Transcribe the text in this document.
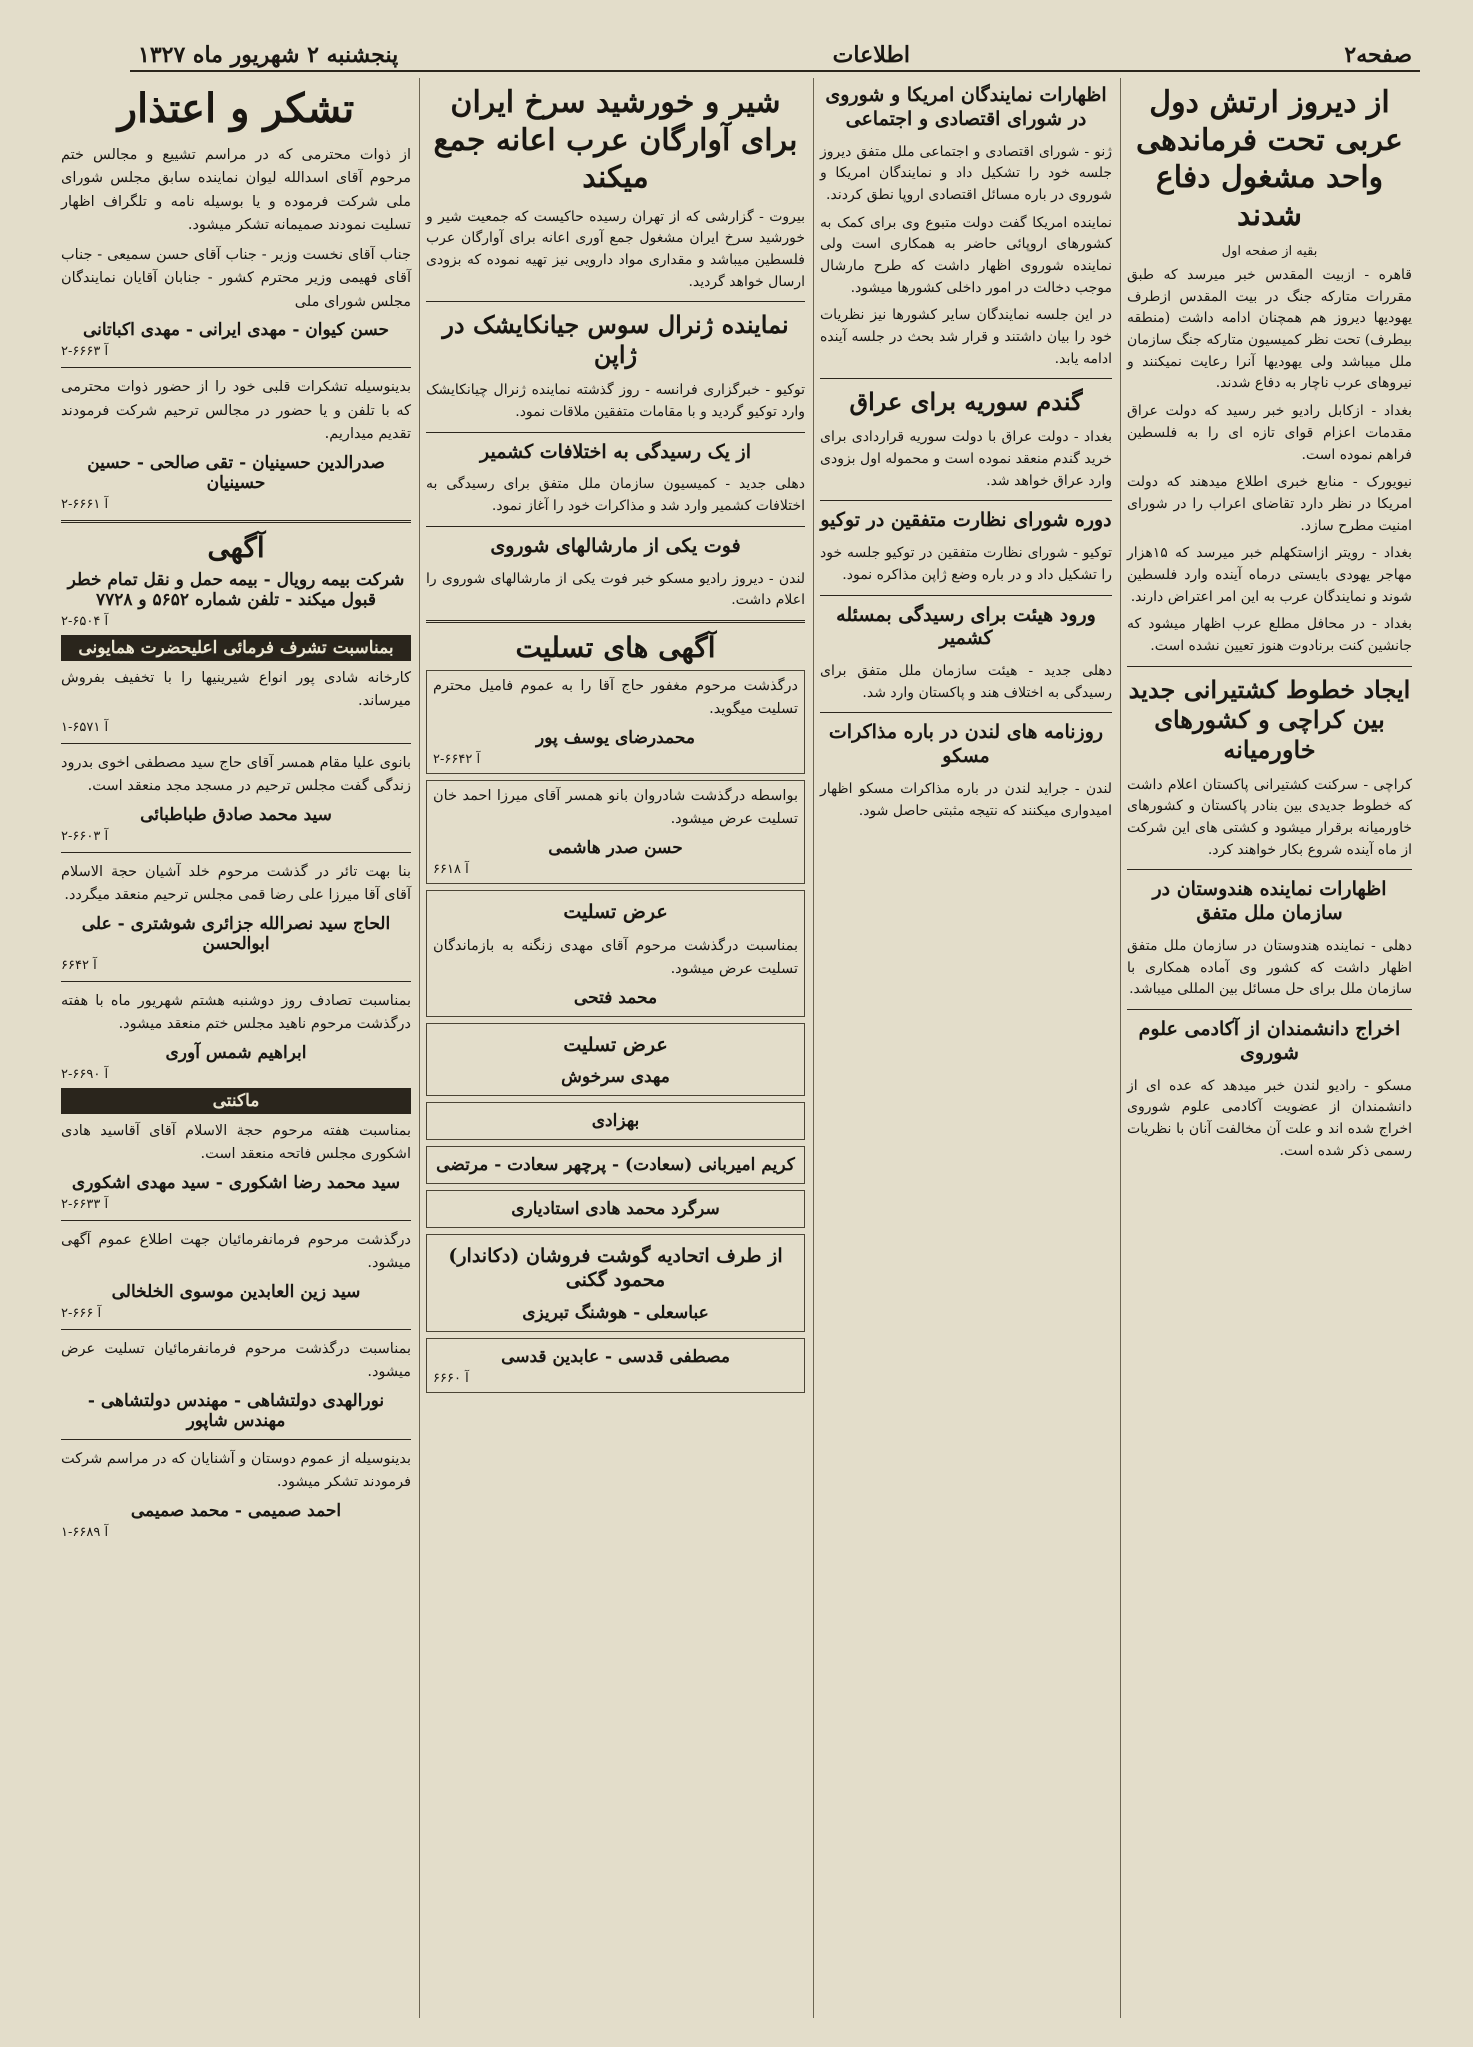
صفحه۲
اطلاعات
پنجشنبه ۲ شهریور ماه ۱۳۲۷
از دیروز ارتش دول عربی تحت فرماندهی واحد مشغول دفاع شدند
بقیه از صفحه اول

قاهره - ازبیت المقدس خبر میرسد که طبق مقررات متارکه جنگ در بیت المقدس ازطرف یهودیها دیروز هم همچنان ادامه داشت (منطقه بیطرف) تحت نظر کمیسیون متارکه جنگ سازمان ملل میباشد ولی یهودیها آنرا رعایت نمیکنند و نیروهای عرب ناچار به دفاع شدند.

بغداد - ازکابل رادیو خبر رسید که دولت عراق مقدمات اعزام قوای تازه ای را به فلسطین فراهم نموده است.

نیویورک - منابع خبری اطلاع میدهند که دولت امریکا در نظر دارد تقاضای اعراب را در شورای امنیت مطرح سازد.

بغداد - رویتر ازاستکهلم خبر میرسد که ۱۵هزار مهاجر یهودی بایستی درماه آینده وارد فلسطین شوند و نمایندگان عرب به این امر اعتراض دارند.

بغداد - در محافل مطلع عرب اظهار میشود که جانشین کنت برنادوت هنوز تعیین نشده است.

ایجاد خطوط کشتیرانی جدید بین کراچی و کشورهای خاورمیانه

کراچی - سرکنت کشتیرانی پاکستان اعلام داشت که خطوط جدیدی بین بنادر پاکستان و کشورهای خاورمیانه برقرار میشود و کشتی های این شرکت از ماه آینده شروع بکار خواهند کرد.

اظهارات نماینده هندوستان در سازمان ملل متفق

دهلی - نماینده هندوستان در سازمان ملل متفق اظهار داشت که کشور وی آماده همکاری با سازمان ملل برای حل مسائل بین المللی میباشد.

اخراج دانشمندان از آکادمی علوم شوروی

مسکو - رادیو لندن خبر میدهد که عده ای از دانشمندان از عضویت آکادمی علوم شوروی اخراج شده اند و علت آن مخالفت آنان با نظریات رسمی ذکر شده است.

اظهارات نمایندگان امریکا و شوروی در شورای اقتصادی و اجتماعی

ژنو - شورای اقتصادی و اجتماعی ملل متفق دیروز جلسه خود را تشکیل داد و نمایندگان امریکا و شوروی در باره مسائل اقتصادی اروپا نطق کردند.

نماینده امریکا گفت دولت متبوع وی برای کمک به کشورهای اروپائی حاضر به همکاری است ولی نماینده شوروی اظهار داشت که طرح مارشال موجب دخالت در امور داخلی کشورها میشود.

در این جلسه نمایندگان سایر کشورها نیز نظریات خود را بیان داشتند و قرار شد بحث در جلسه آینده ادامه یابد.

گندم سوریه برای عراق

بغداد - دولت عراق با دولت سوریه قراردادی برای خرید گندم منعقد نموده است و محموله اول بزودی وارد عراق خواهد شد.

دوره شورای نظارت متفقین در توکیو

توکیو - شورای نظارت متفقین در توکیو جلسه خود را تشکیل داد و در باره وضع ژاپن مذاکره نمود.

ورود هیئت برای رسیدگی بمسئله کشمیر

دهلی جدید - هیئت سازمان ملل متفق برای رسیدگی به اختلاف هند و پاکستان وارد شد.

روزنامه های لندن در باره مذاکرات مسکو

لندن - جراید لندن در باره مذاکرات مسکو اظهار امیدواری میکنند که نتیجه مثبتی حاصل شود.

شیر و خورشید سرخ ایران برای آوارگان عرب اعانه جمع میکند

بیروت - گزارشی که از تهران رسیده حاکیست که جمعیت شیر و خورشید سرخ ایران مشغول جمع آوری اعانه برای آوارگان عرب فلسطین میباشد و مقداری مواد دارویی نیز تهیه نموده که بزودی ارسال خواهد گردید.

نماینده ژنرال سوس جیانکایشک در ژاپن

توکیو - خبرگزاری فرانسه - روز گذشته نماینده ژنرال چیانکایشک وارد توکیو گردید و با مقامات متفقین ملاقات نمود.

از یک رسیدگی به اختلافات کشمیر

دهلی جدید - کمیسیون سازمان ملل متفق برای رسیدگی به اختلافات کشمیر وارد شد و مذاکرات خود را آغاز نمود.

فوت یکی از مارشالهای شوروی

لندن - دیروز رادیو مسکو خبر فوت یکی از مارشالهای شوروی را اعلام داشت.

آگهی های تسلیت

درگذشت مرحوم مغفور حاج آقا را به عموم فامیل محترم تسلیت میگوید.

محمدرضای یوسف پور
۲-۶۶۴۲ آ

بواسطه درگذشت شادروان بانو همسر آقای میرزا احمد خان تسلیت عرض میشود.

حسن صدر هاشمی
۶۶۱۸ آ
عرض تسلیت

بمناسبت درگذشت مرحوم آقای مهدی زنگنه به بازماندگان تسلیت عرض میشود.

محمد فتحی
عرض تسلیت
مهدی سرخوش
بهزادی
کریم امیربانی (سعادت) - پرچهر سعادت - مرتضی
سرگرد محمد هادی استادیاری
از طرف اتحادیه گوشت فروشان (دکاندار) محمود گکنی
عباسعلی - هوشنگ تبریزی
مصطفی قدسی - عابدین قدسی
۶۶۶۰ آ
تشکر و اعتذار

از ذوات محترمی که در مراسم تشییع و مجالس ختم مرحوم آقای اسدالله لیوان نماینده سابق مجلس شورای ملی شرکت فرموده و یا بوسیله نامه و تلگراف اظهار تسلیت نمودند صمیمانه تشکر میشود.

جناب آقای نخست وزیر - جناب آقای حسن سمیعی - جناب آقای فهیمی وزیر محترم کشور - جنابان آقایان نمایندگان مجلس شورای ملی

حسن کیوان - مهدی ایرانی - مهدی اکباتانی
۲-۶۶۶۳ آ

بدینوسیله تشکرات قلبی خود را از حضور ذوات محترمی که با تلفن و یا حضور در مجالس ترحیم شرکت فرمودند تقدیم میداریم.

صدرالدین حسینیان - تقی صالحی - حسین حسینیان
۲-۶۶۶۱ آ
آگهی
شرکت بیمه رویال - بیمه حمل و نقل تمام خطر قبول میکند - تلفن شماره ۵۶۵۲ و ۷۷۲۸
۲-۶۵۰۴ آ
بمناسبت تشرف فرمائی اعلیحضرت همایونی

کارخانه شادی پور انواع شیرینیها را با تخفیف بفروش میرساند.

۱-۶۵۷۱ آ

بانوی علیا مقام همسر آقای حاج سید مصطفی اخوی بدرود زندگی گفت مجلس ترحیم در مسجد مجد منعقد است.

سید محمد صادق طباطبائی
۲-۶۶۰۳ آ

بنا بهت تائر در گذشت مرحوم خلد آشیان حجة الاسلام آقای آقا میرزا علی رضا قمی مجلس ترحیم منعقد میگردد.

الحاج سید نصرالله جزائری شوشتری - علی ابوالحسن
۶۶۴۲ آ

بمناسبت تصادف روز دوشنبه هشتم شهریور ماه با هفته درگذشت مرحوم ناهید مجلس ختم منعقد میشود.

ابراهیم شمس آوری
۲-۶۶۹۰ آ
ماکنتی

بمناسبت هفته مرحوم حجة الاسلام آقای آقاسید هادی اشکوری مجلس فاتحه منعقد است.

سید محمد رضا اشکوری - سید مهدی اشکوری
۲-۶۶۳۳ آ

درگذشت مرحوم فرمانفرمائیان جهت اطلاع عموم آگهی میشود.

سید زین العابدین موسوی الخلخالی
۲-۶۶۶ آ

بمناسبت درگذشت مرحوم فرمانفرمائیان تسلیت عرض میشود.

نورالهدی دولتشاهی - مهندس دولتشاهی - مهندس شاپور

بدینوسیله از عموم دوستان و آشنایان که در مراسم شرکت فرمودند تشکر میشود.

احمد صمیمی - محمد صمیمی
۱-۶۶۸۹ آ
